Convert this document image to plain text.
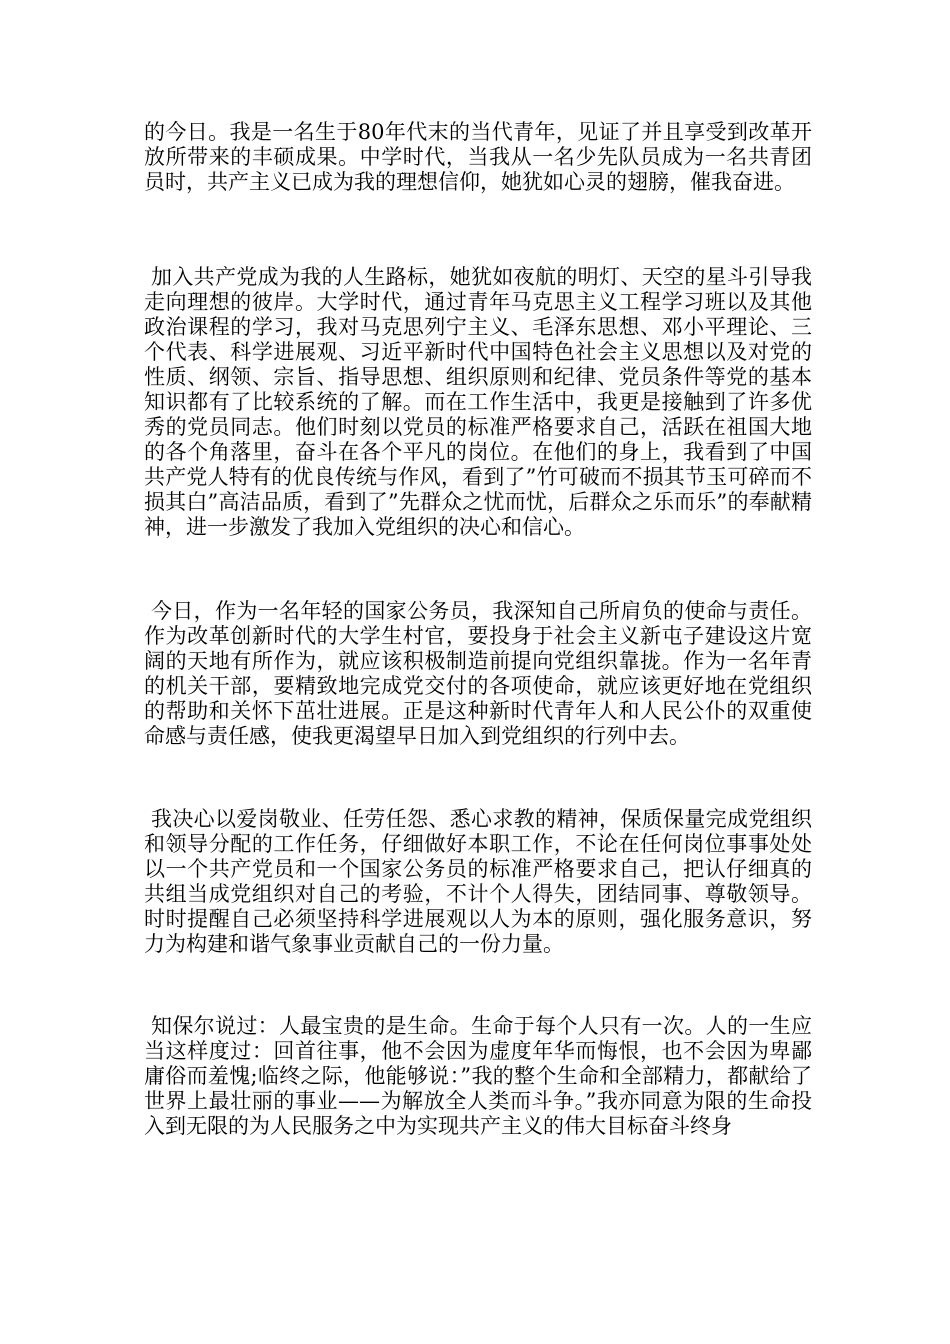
的今日。我是一名生于80年代末的当代青年，见证了并且享受到改革开放所带来的丰硕成果。中学时代，当我从一名少先队员成为一名共青团员时，共产主义已成为我的理想信仰，她犹如心灵的翅膀，催我奋进。

加入共产党成为我的人生路标，她犹如夜航的明灯、天空的星斗引导我走向理想的彼岸。大学时代，通过青年马克思主义工程学习班以及其他政治课程的学习，我对马克思列宁主义、毛泽东思想、邓小平理论、三个代表、科学进展观、习近平新时代中国特色社会主义思想以及对党的性质、纲领、宗旨、指导思想、组织原则和纪律、党员条件等党的基本知识都有了比较系统的了解。而在工作生活中，我更是接触到了许多优秀的党员同志。他们时刻以党员的标准严格要求自己，活跃在祖国大地的各个角落里，奋斗在各个平凡的岗位。在他们的身上，我看到了中国共产党人特有的优良传统与作风，看到了”竹可破而不损其节玉可碎而不损其白”高洁品质，看到了”先群众之忧而忧，后群众之乐而乐”的奉献精神，进一步激发了我加入党组织的决心和信心。

今日，作为一名年轻的国家公务员，我深知自己所肩负的使命与责任。作为改革创新时代的大学生村官，要投身于社会主义新屯子建设这片宽阔的天地有所作为，就应该积极制造前提向党组织靠拢。作为一名年青的机关干部，要精致地完成党交付的各项使命，就应该更好地在党组织的帮助和关怀下茁壮进展。正是这种新时代青年人和人民公仆的双重使命感与责任感，使我更渴望早日加入到党组织的行列中去。

我决心以爱岗敬业、任劳任怨、悉心求教的精神，保质保量完成党组织和领导分配的工作任务，仔细做好本职工作，不论在任何岗位事事处处以一个共产党员和一个国家公务员的标准严格要求自己，把认仔细真的共组当成党组织对自己的考验，不计个人得失，团结同事、尊敬领导。时时提醒自己必须坚持科学进展观以人为本的原则，强化服务意识，努力为构建和谐气象事业贡献自己的一份力量。

知保尔说过：人最宝贵的是生命。生命于每个人只有一次。人的一生应当这样度过：回首往事，他不会因为虚度年华而悔恨，也不会因为卑鄙庸俗而羞愧;临终之际，他能够说：”我的整个生命和全部精力，都献给了世界上最壮丽的事业——为解放全人类而斗争。”我亦同意为限的生命投入到无限的为人民服务之中为实现共产主义的伟大目标奋斗终身
